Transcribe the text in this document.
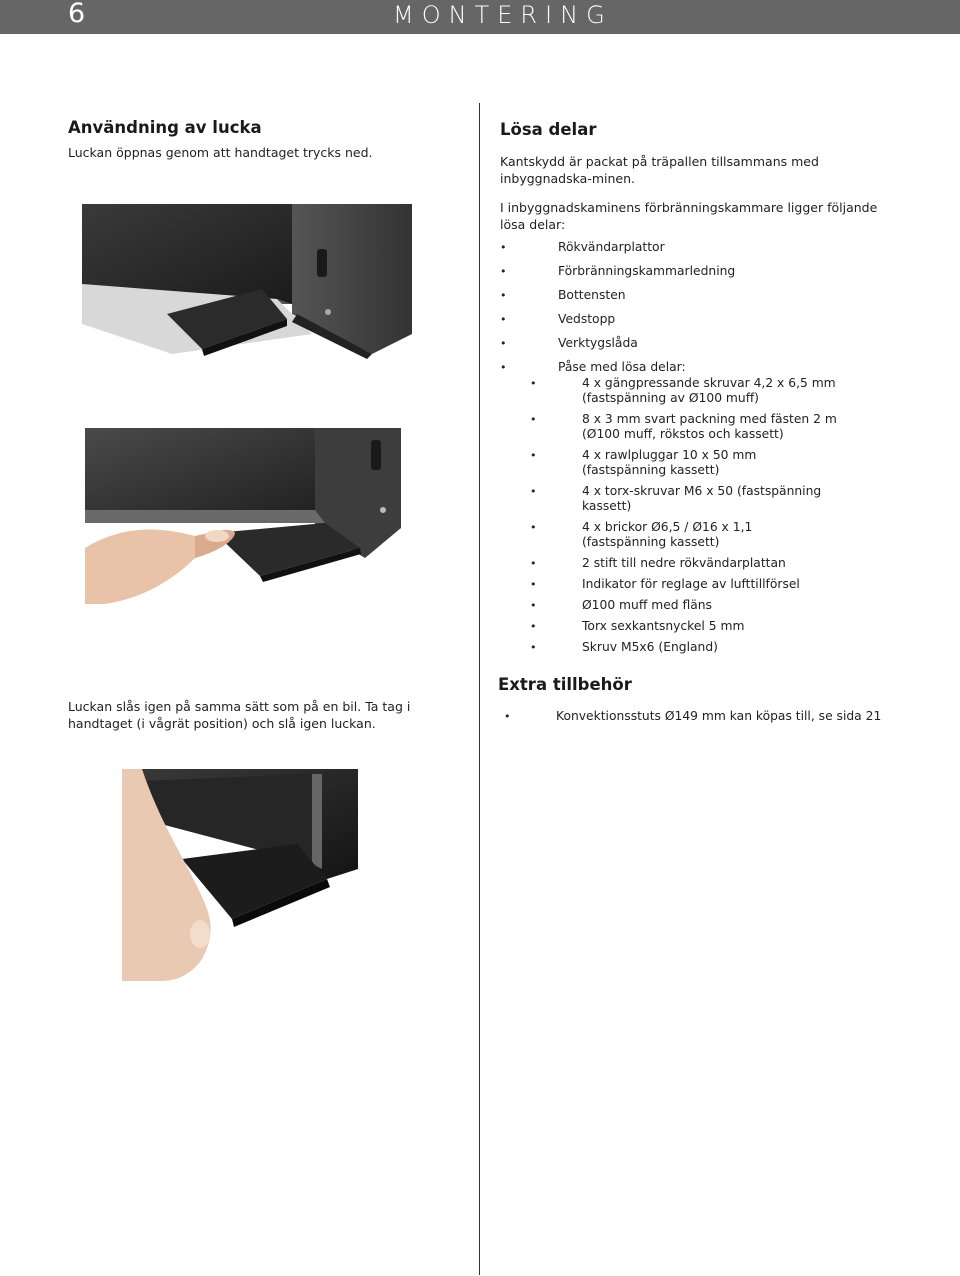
6	MONTERING
Användning av lucka

Luckan öppnas genom att handtaget trycks ned.

Luckan slås igen på samma sätt som på en bil. Ta tag i handtaget (i vågrät position) och slå igen luckan.

Lösa delar

Kantskydd är packat på träpallen tillsammans med inbyggnadska-minen.

I inbyggnadskaminens förbränningskammare ligger följande lösa delar:

• Rökvändarplattor
• Förbränningskammarledning
• Bottensten
• Vedstopp
• Verktygslåda
• Påse med lösa delar:
• 4 x gängpressande skruvar 4,2 x 6,5 mm (fastspänning av Ø100 muff)
• 8 x 3 mm svart packning med fästen 2 m (Ø100 muff, rökstos och kassett)
• 4 x rawlpluggar 10 x 50 mm (fastspänning kassett)
• 4 x torx-skruvar M6 x 50 (fastspänning kassett)
• 4 x brickor Ø6,5 / Ø16 x 1,1 (fastspänning kassett)
• 2 stift till nedre rökvändarplattan
• Indikator för reglage av lufttillförsel
• Ø100 muff med fläns
• Torx sexkantsnyckel 5 mm
• Skruv M5x6 (England)
Extra tillbehör
• Konvektionsstuts Ø149 mm kan köpas till, se sida 21
